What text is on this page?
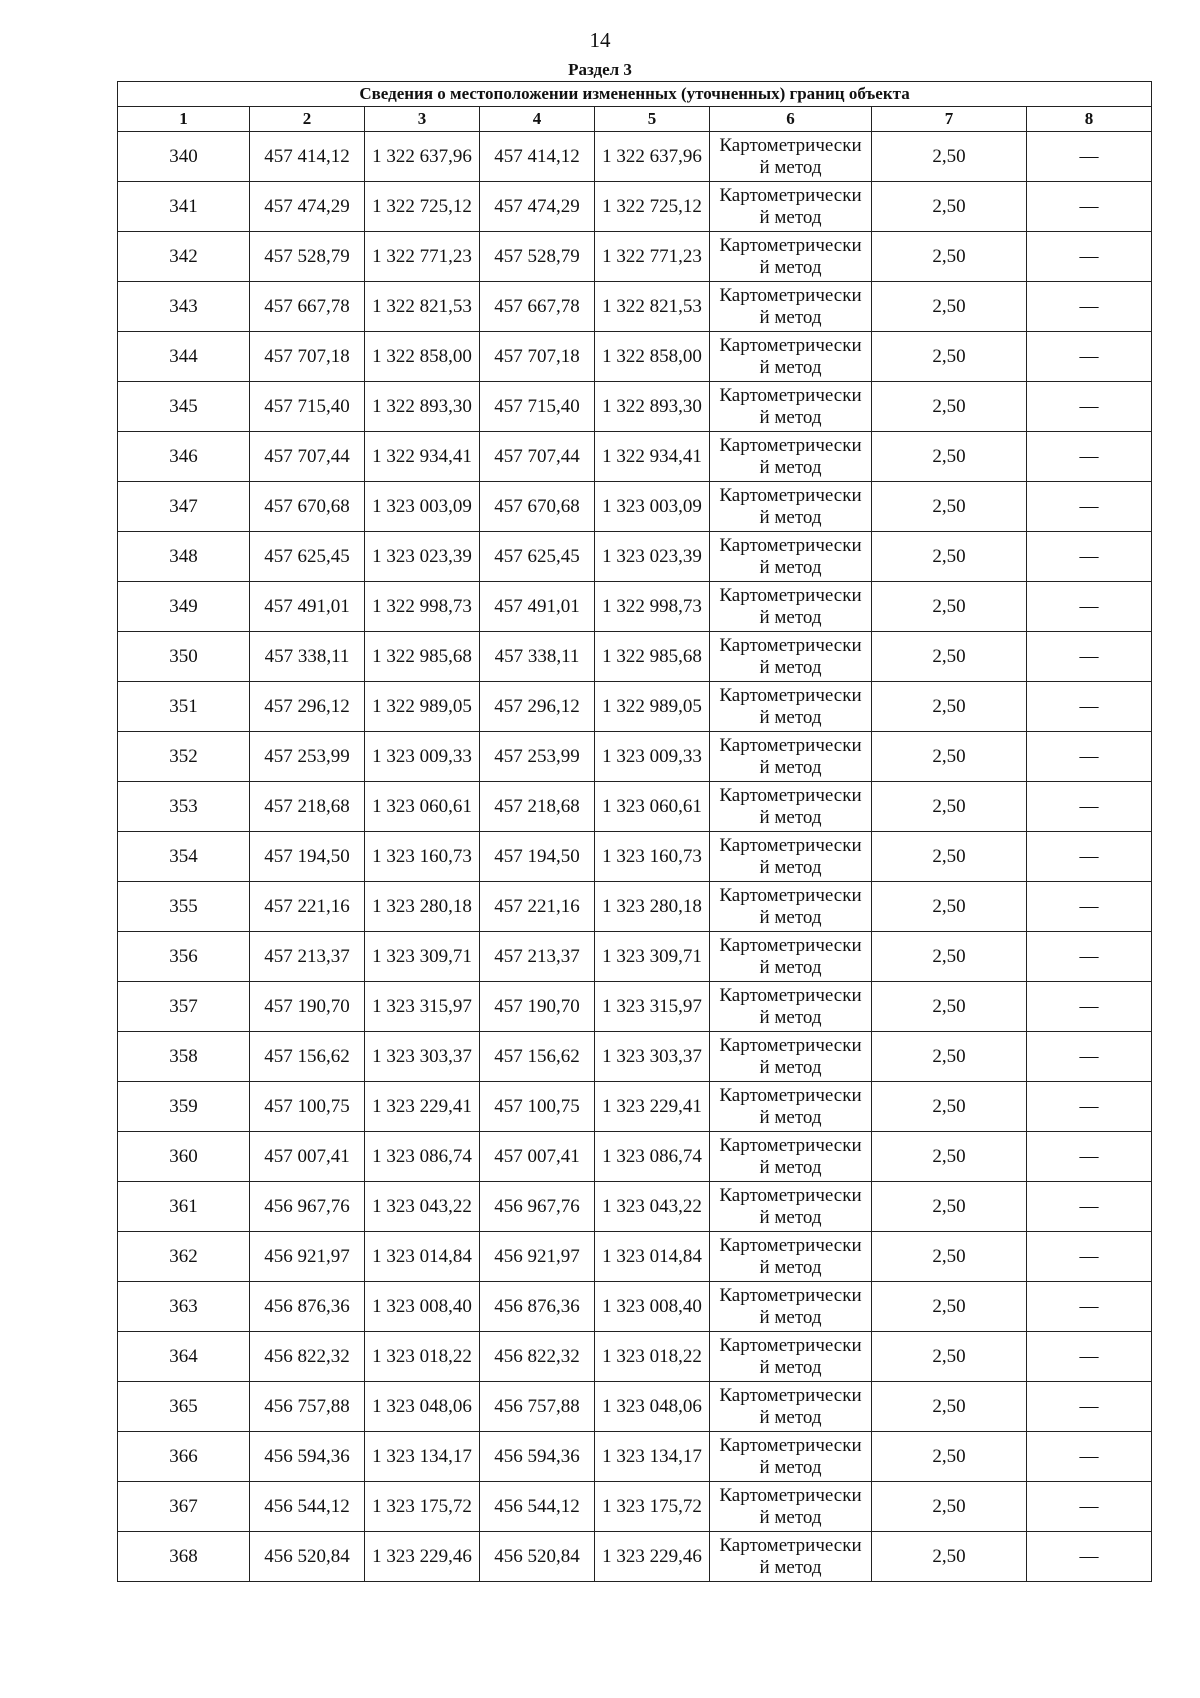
14
Раздел 3
Сведения о местоположении измененных (уточненных) границ объекта							
1	2	3	4	5	6	7	8
340	457 414,12	1 322 637,96	457 414,12	1 322 637,96	Картометрически
й метод	2,50	—
341	457 474,29	1 322 725,12	457 474,29	1 322 725,12	Картометрически
й метод	2,50	—
342	457 528,79	1 322 771,23	457 528,79	1 322 771,23	Картометрически
й метод	2,50	—
343	457 667,78	1 322 821,53	457 667,78	1 322 821,53	Картометрически
й метод	2,50	—
344	457 707,18	1 322 858,00	457 707,18	1 322 858,00	Картометрически
й метод	2,50	—
345	457 715,40	1 322 893,30	457 715,40	1 322 893,30	Картометрически
й метод	2,50	—
346	457 707,44	1 322 934,41	457 707,44	1 322 934,41	Картометрически
й метод	2,50	—
347	457 670,68	1 323 003,09	457 670,68	1 323 003,09	Картометрически
й метод	2,50	—
348	457 625,45	1 323 023,39	457 625,45	1 323 023,39	Картометрически
й метод	2,50	—
349	457 491,01	1 322 998,73	457 491,01	1 322 998,73	Картометрически
й метод	2,50	—
350	457 338,11	1 322 985,68	457 338,11	1 322 985,68	Картометрически
й метод	2,50	—
351	457 296,12	1 322 989,05	457 296,12	1 322 989,05	Картометрически
й метод	2,50	—
352	457 253,99	1 323 009,33	457 253,99	1 323 009,33	Картометрически
й метод	2,50	—
353	457 218,68	1 323 060,61	457 218,68	1 323 060,61	Картометрически
й метод	2,50	—
354	457 194,50	1 323 160,73	457 194,50	1 323 160,73	Картометрически
й метод	2,50	—
355	457 221,16	1 323 280,18	457 221,16	1 323 280,18	Картометрически
й метод	2,50	—
356	457 213,37	1 323 309,71	457 213,37	1 323 309,71	Картометрически
й метод	2,50	—
357	457 190,70	1 323 315,97	457 190,70	1 323 315,97	Картометрически
й метод	2,50	—
358	457 156,62	1 323 303,37	457 156,62	1 323 303,37	Картометрически
й метод	2,50	—
359	457 100,75	1 323 229,41	457 100,75	1 323 229,41	Картометрически
й метод	2,50	—
360	457 007,41	1 323 086,74	457 007,41	1 323 086,74	Картометрически
й метод	2,50	—
361	456 967,76	1 323 043,22	456 967,76	1 323 043,22	Картометрически
й метод	2,50	—
362	456 921,97	1 323 014,84	456 921,97	1 323 014,84	Картометрически
й метод	2,50	—
363	456 876,36	1 323 008,40	456 876,36	1 323 008,40	Картометрически
й метод	2,50	—
364	456 822,32	1 323 018,22	456 822,32	1 323 018,22	Картометрически
й метод	2,50	—
365	456 757,88	1 323 048,06	456 757,88	1 323 048,06	Картометрически
й метод	2,50	—
366	456 594,36	1 323 134,17	456 594,36	1 323 134,17	Картометрически
й метод	2,50	—
367	456 544,12	1 323 175,72	456 544,12	1 323 175,72	Картометрически
й метод	2,50	—
368	456 520,84	1 323 229,46	456 520,84	1 323 229,46	Картометрически
й метод	2,50	—
